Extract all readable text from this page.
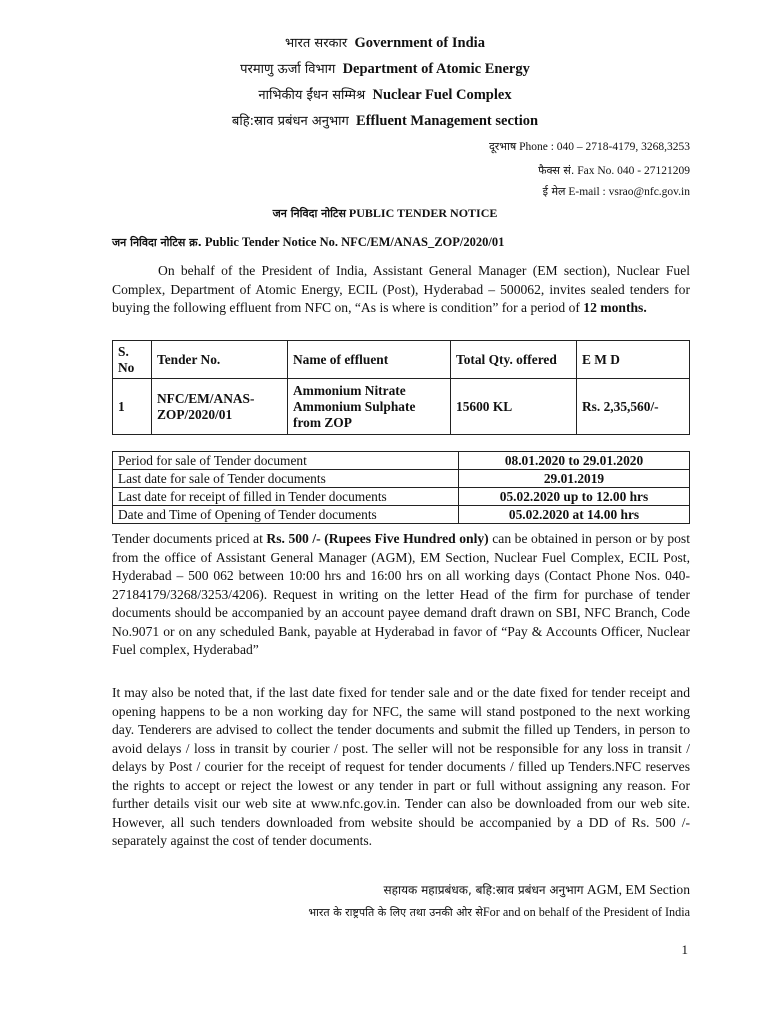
भारत सरकार Government of India
परमाणु ऊर्जा विभाग Department of Atomic Energy
नाभिकीय ईंधन सम्मिश्र Nuclear Fuel Complex
बहि:स्राव प्रबंधन अनुभाग Effluent Management section
दूरभाष Phone : 040 – 2718-4179, 3268,3253
फैक्स सं. Fax No. 040 - 27121209
ई मेल E-mail : vsrao@nfc.gov.in
जन निविदा नोटिस PUBLIC TENDER NOTICE
जन निविदा नोटिस क्र. Public Tender Notice No. NFC/EM/ANAS_ZOP/2020/01
On behalf of the President of India, Assistant General Manager (EM section), Nuclear Fuel Complex, Department of Atomic Energy, ECIL (Post), Hyderabad – 500062, invites sealed tenders for buying the following effluent from NFC on, “As is where is condition” for a period of 12 months.
S. No	Tender No.	Name of effluent	Total Qty. offered	E M D
1	NFC/EM/ANAS-ZOP/2020/01	Ammonium Nitrate Ammonium Sulphate from ZOP	15600 KL	Rs. 2,35,560/-
Period for sale of Tender document	08.01.2020 to 29.01.2020
Last date for sale of Tender documents	29.01.2019
Last date for receipt of filled in Tender documents	05.02.2020 up to 12.00 hrs
Date and Time of Opening of Tender documents	05.02.2020 at 14.00 hrs
Tender documents priced at Rs. 500 /- (Rupees Five Hundred only) can be obtained in person or by post from the office of Assistant General Manager (AGM), EM Section, Nuclear Fuel Complex, ECIL Post, Hyderabad – 500 062 between 10:00 hrs and 16:00 hrs on all working days (Contact Phone Nos. 040-27184179/3268/3253/4206). Request in writing on the letter Head of the firm for purchase of tender documents should be accompanied by an account payee demand draft drawn on SBI, NFC Branch, Code No.9071 or on any scheduled Bank, payable at Hyderabad in favor of “Pay & Accounts Officer, Nuclear Fuel complex, Hyderabad”
It may also be noted that, if the last date fixed for tender sale and or the date fixed for tender receipt and opening happens to be a non working day for NFC, the same will stand postponed to the next working day. Tenderers are advised to collect the tender documents and submit the filled up Tenders, in person to avoid delays / loss in transit by courier / post. The seller will not be responsible for any loss in transit / delays by Post / courier for the receipt of request for tender documents / filled up Tenders.NFC reserves the rights to accept or reject the lowest or any tender in part or full without assigning any reason. For further details visit our web site at www.nfc.gov.in. Tender can also be downloaded from our web site. However, all such tenders downloaded from website should be accompanied by a DD of Rs. 500 /- separately against the cost of tender documents.
सहायक महाप्रबंधक, बहि:स्राव प्रबंधन अनुभाग AGM, EM Section
भारत के राष्ट्रपति के लिए तथा उनकी ओर सेFor and on behalf of the President of India
1
